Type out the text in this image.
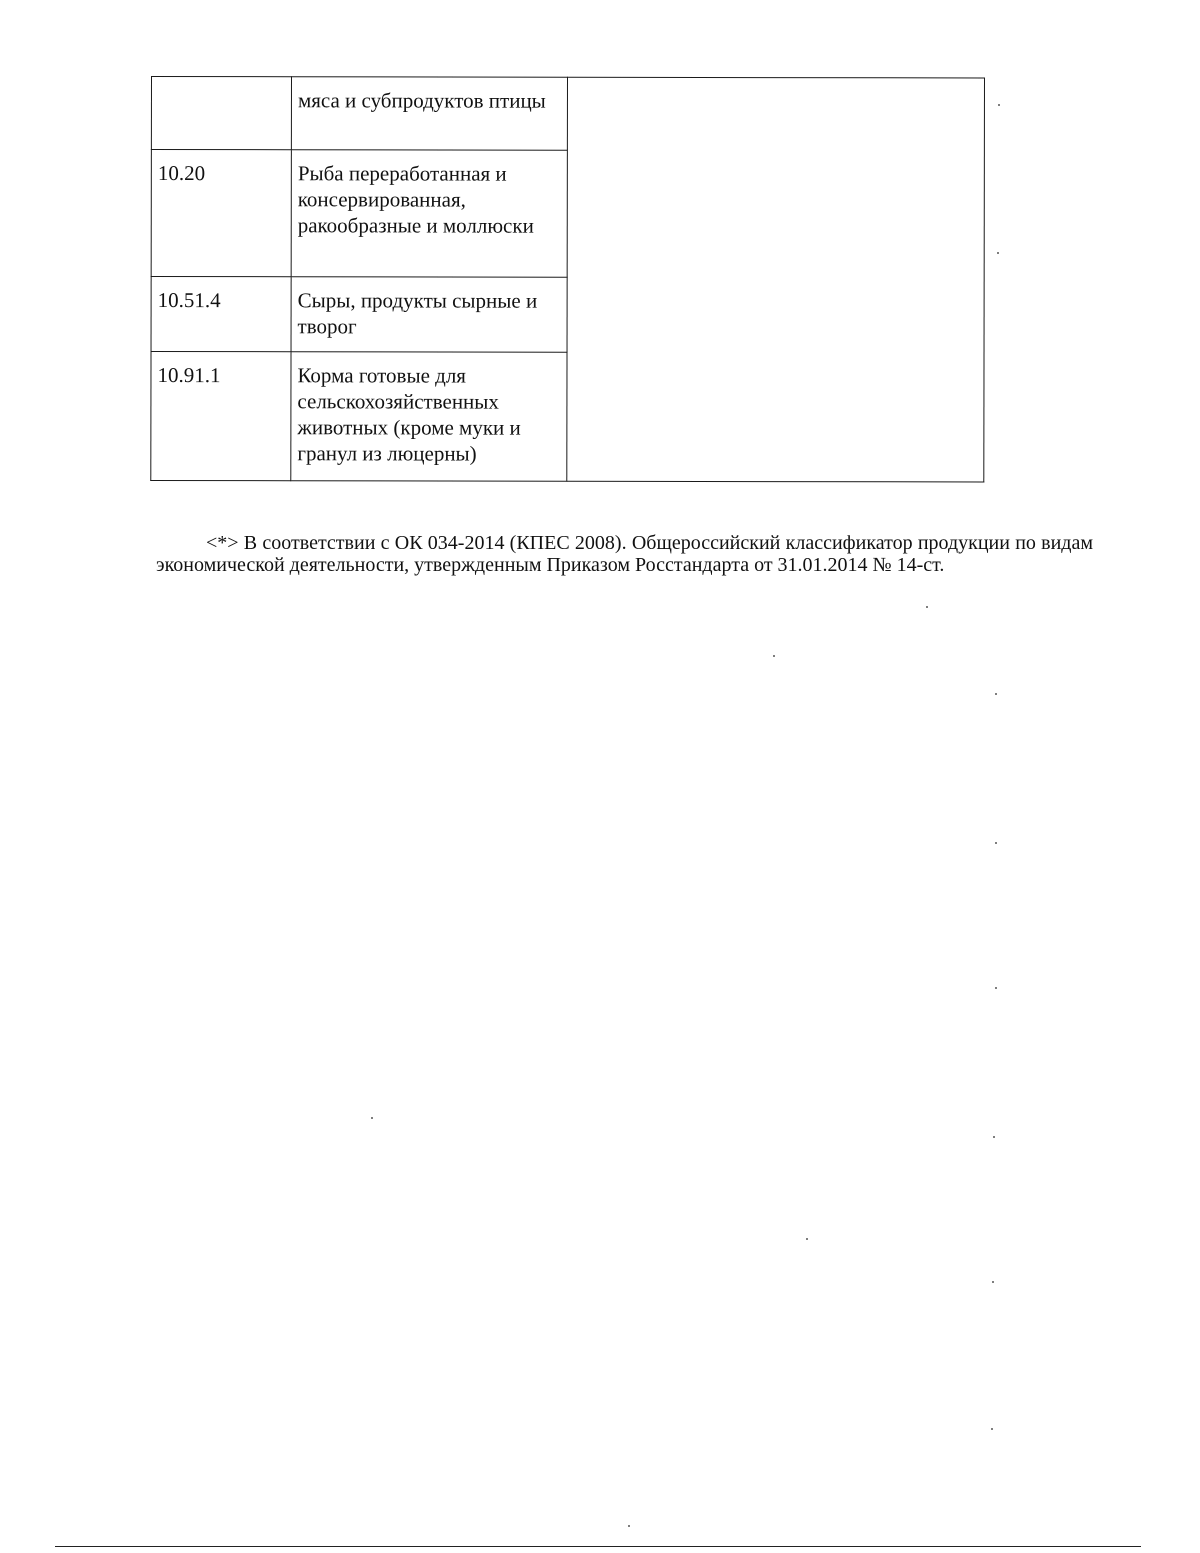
	мяса и субпродуктов птицы	
10.20	Рыба переработанная и консервированная, ракообразные и моллюски	
10.51.4	Сыры, продукты сырные и творог	
10.91.1	Корма готовые для сельскохозяйственных животных (кроме муки и гранул из люцерны)	

<*> В соответствии с ОК 034-2014 (КПЕС 2008). Общероссийский классификатор продукции по видам экономической деятельности, утвержденным Приказом Росстандарта от 31.01.2014 № 14-ст.
